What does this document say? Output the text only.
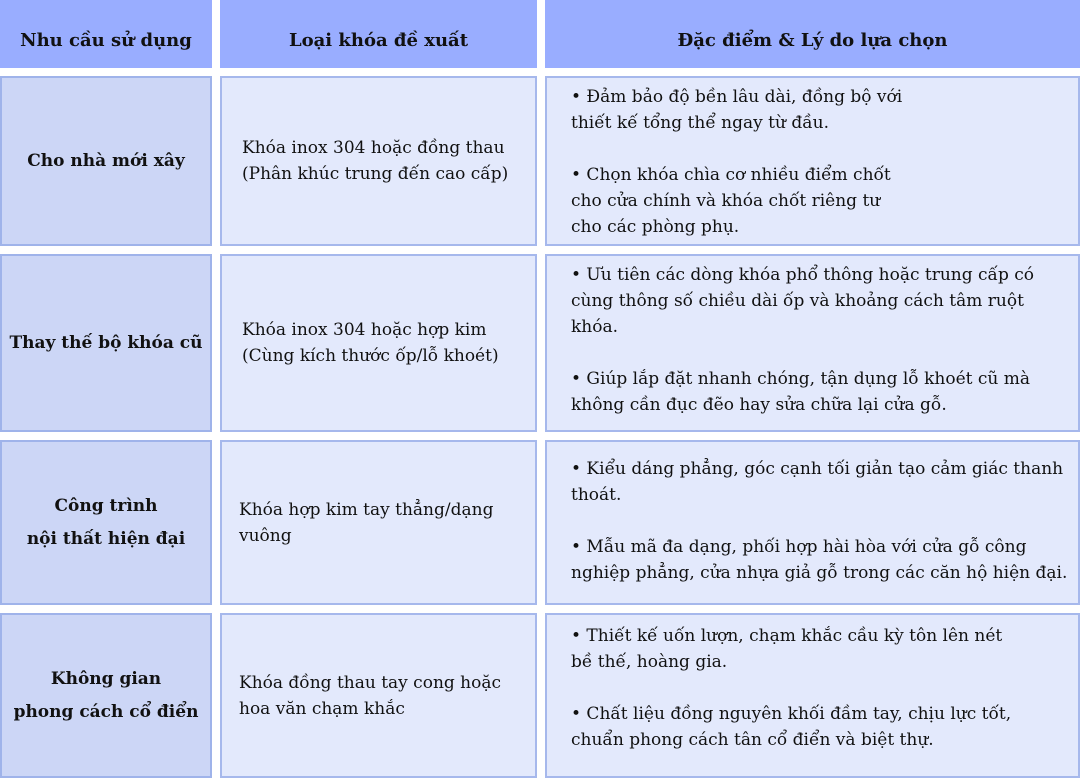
Nhu cầu sử dụng	Loại khóa đề xuất	Đặc điểm & Lý do lựa chọn
Cho nhà mới xây
Khóa inox 304 hoặc đồng thau
(Phân khúc trung đến cao cấp)
• Đảm bảo độ bền lâu dài, đồng bộ với
thiết kế tổng thể ngay từ đầu.
• Chọn khóa chìa cơ nhiều điểm chốt
cho cửa chính và khóa chốt riêng tư
cho các phòng phụ.
Thay thế bộ khóa cũ
Khóa inox 304 hoặc hợp kim
(Cùng kích thước ốp/lỗ khoét)
• Ưu tiên các dòng khóa phổ thông hoặc trung cấp có
cùng thông số chiều dài ốp và khoảng cách tâm ruột
khóa.
• Giúp lắp đặt nhanh chóng, tận dụng lỗ khoét cũ mà
không cần đục đẽo hay sửa chữa lại cửa gỗ.
Công trình
nội thất hiện đại
Khóa hợp kim tay thẳng/dạng
vuông
• Kiểu dáng phẳng, góc cạnh tối giản tạo cảm giác thanh
thoát.
• Mẫu mã đa dạng, phối hợp hài hòa với cửa gỗ công
nghiệp phẳng, cửa nhựa giả gỗ trong các căn hộ hiện đại.
Không gian
phong cách cổ điển
Khóa đồng thau tay cong hoặc
hoa văn chạm khắc
• Thiết kế uốn lượn, chạm khắc cầu kỳ tôn lên nét
bề thế, hoàng gia.
• Chất liệu đồng nguyên khối đầm tay, chịu lực tốt,
chuẩn phong cách tân cổ điển và biệt thự.
